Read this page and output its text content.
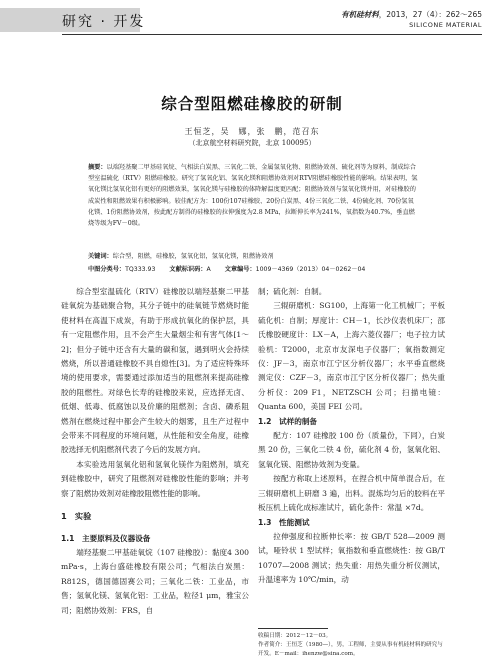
研究 · 开发	有机硅材料，2013，27（4）：262～265
SILICONE MATERIAL
综合型阻燃硅橡胶的研制
王恒芝，吴　娜，张　鹏，范召东
（北京航空材料研究院，北京 100095）
摘要：以端羟基聚二甲基硅氧烷、气相法白炭黑、三氧化二铁、金属氢氧化物、阻燃协效剂、硫化剂等为原料，制成综合型室温硫化（RTV）阻燃硅橡胶。研究了氢氧化铝、氢氧化镁和阻燃协效剂对RTV阻燃硅橡胶性能的影响。结果表明，氢氧化镁比氢氧化铝有更好的阻燃效果，氢氧化镁与硅橡胶的体降解温度更匹配；阻燃协效剂与氢氧化镁并用，对硅橡胶的成炭性和阻燃效果有积极影响。较佳配方为：100份107硅橡胶、20份白炭黑、4份三氧化二铁、4份硫化剂、70份氢氧化镁、1份阻燃协效剂，按此配方制得的硅橡胶的拉伸强度为2.8 MPa，拉断伸长率为241%，氧指数为40.7%，垂直燃烧等级为FV－0级。
关键词：综合型，阻燃，硅橡胶，氢氧化铝，氢氧化镁，阻燃协效剂
中图分类号：TQ333.93 文献标识码：A 文章编号：1009－4369（2013）04－0262－04

综合型室温硫化（RTV）硅橡胶以端羟基聚二甲基硅氧烷为基础聚合物，其分子链中的硅氧链节燃烧时能使材料在高温下成炭，有助于形成抗氧化的保护层，具有一定阻燃作用，且不会产生大量烟尘和有害气体[1～2]；但分子链中还含有大量的碳和氢，遇到明火会持续燃烧，所以普通硅橡胶不具自熄性[3]。为了适应特殊环境的使用要求，需要通过添加适当的阻燃剂来提高硅橡胶的阻燃性。对绿色长寿的硅橡胶来说，应选择无卤、低烟、低毒、低腐蚀以及价廉的阻燃剂；含卤、磷系阻燃剂在燃烧过程中都会产生较大的烟雾，且生产过程中会带来不同程度的环境问题，从性能和安全角度，硅橡胶选择无机阻燃剂代表了今后的发展方向。

本实验选用氢氧化铝和氢氧化镁作为阻燃剂，填充到硅橡胶中，研究了阻燃剂对硅橡胶性能的影响；并考察了阻燃协效剂对硅橡胶阻燃性能的影响。

1　实验

1.1　主要原料及仪器设备

端羟基聚二甲基硅氧烷（107 硅橡胶）：黏度4 300 mPa·s，上海台盛硅橡胶有限公司；气相法白炭黑：R812S，德国德固赛公司；三氧化二铁：工业品，市售；氢氧化镁、氢氧化铝：工业品，粒径1 μm，雅宝公司；阻燃协效剂：FRS，自

制；硫化剂：自制。

三辊研磨机：SG100，上海第一化工机械厂；平板硫化机：自制；厚度计：CH－1，长沙仪表机床厂；邵氏橡胶硬度计：LX－A，上海六菱仪器厂；电子拉力试验机：T2000，北京市友深电子仪器厂；氧指数测定仪：JF－3，南京市江宁区分析仪器厂；水平垂直燃烧测定仪：CZF－3，南京市江宁区分析仪器厂；热失重分析仪：209 F1，NETZSCH 公司；扫描电镜：Quanta 600，美国 FEI 公司。

1.2　试样的制备

配方：107 硅橡胶 100 份（质量份，下同），白炭黑 20 份，三氧化二铁 4 份，硫化剂 4 份，氢氧化铝、氢氧化镁、阻燃协效剂为变量。

按配方称取上述原料，在捏合机中简单混合后，在三辊研磨机上研磨 3 遍，出料。混炼均匀后的胶料在平板压机上硫化成标准试片，硫化条件：常温 ×7d。

1.3　性能测试

拉伸强度和拉断伸长率：按 GB/T 528—2009 测试，哑铃状 1 型试样；氧指数和垂直燃烧性：按 GB/T 10707—2008 测试；热失重：用热失重分析仪测试，升温速率为 10℃/min，动

收稿日期：2012－12－03。
作者简介：王恒芝（1980—），男，工程师，主要从事有机硅材料的研究与开发。E－mail：ihenzw@sina.com。
